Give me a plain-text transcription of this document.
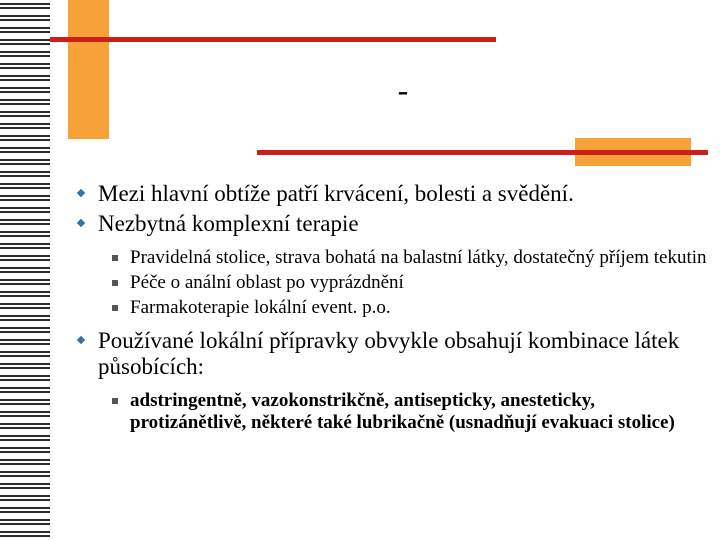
-
Mezi hlavní obtíže patří krvácení, bolesti a svědění.
Nezbytná komplexní terapie
Pravidelná stolice, strava bohatá na balastní látky, dostatečný příjem tekutin
Péče o anální oblast po vyprázdnění
Farmakoterapie lokální event. p.o.
Používané lokální přípravky obvykle obsahují kombinace látek působících:
adstringentně, vazokonstrikčně, antisepticky, anesteticky, protizánětlivě, některé také lubrikačně (usnadňují evakuaci stolice)
